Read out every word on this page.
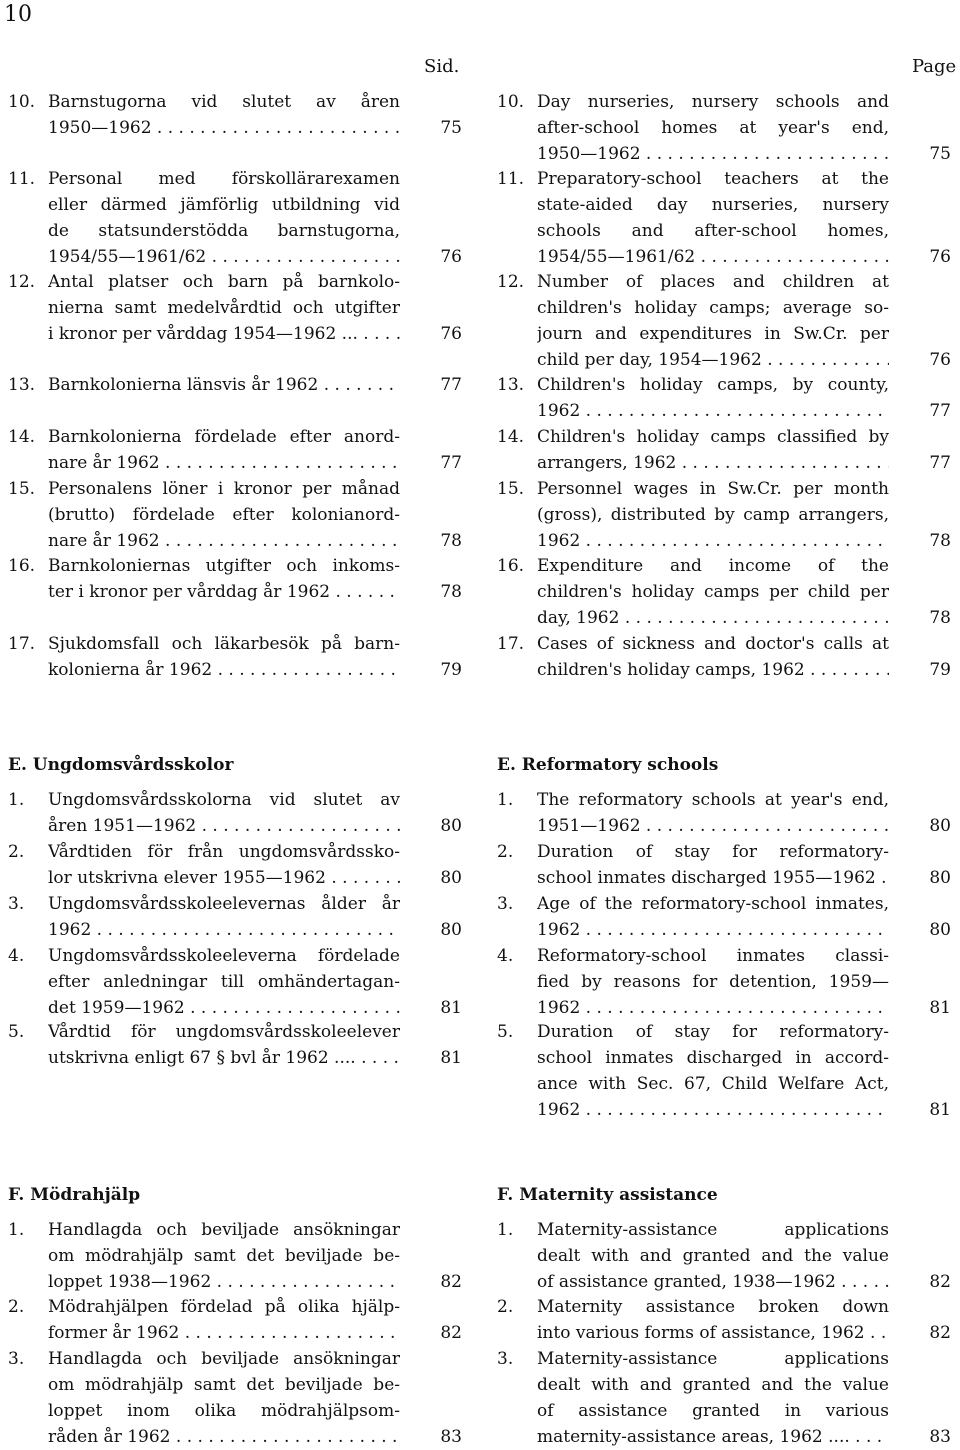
10
Sid.	Page
10. Barnstugorna vid slutet av åren
1950—1962 . . .	75
11. Personal med förskollärarexamen
eller därmed jämförlig utbildning vid
de statsunderstödda barnstugorna,
1954/55—1961/62 . . .	76
12. Antal platser och barn på barnkolo-
nierna samt medelvårdtid och utgifter
i kronor per vårddag 1954—1962 ... . . .	76
13. Barnkolonierna länsvis år 1962 . . .	77
14. Barnkolonierna fördelade efter anord-
nare år 1962 . . .	77
15. Personalens löner i kronor per månad
(brutto) fördelade efter kolonianord-
nare år 1962 . . .	78
16. Barnkoloniernas utgifter och inkoms-
ter i kronor per vårddag år 1962 . . .	78
17. Sjukdomsfall och läkarbesök på barn-
kolonierna år 1962 . . .	79
10. Day nurseries, nursery schools and
after-school homes at year's end,
1950—1962 . . .	75
11. Preparatory-school teachers at the
state-aided day nurseries, nursery
schools and after-school homes,
1954/55—1961/62 . . .	76
12. Number of places and children at
children's holiday camps; average so-
journ and expenditures in Sw.Cr. per
child per day, 1954—1962 . . .	76
13. Children's holiday camps, by county,
1962 . . .	77
14. Children's holiday camps classified by
arrangers, 1962 . . .	77
15. Personnel wages in Sw.Cr. per month
(gross), distributed by camp arrangers,
1962 . . .	78
16. Expenditure and income of the
children's holiday camps per child per
day, 1962 . . .	78
17. Cases of sickness and doctor's calls at
children's holiday camps, 1962 . . .	79
E. Ungdomsvårdsskolor	E. Reformatory schools
1.	Ungdomsvårdsskolorna vid slutet av
åren 1951—1962 . . .	80
2.	Vårdtiden för från ungdomsvårdssko-
lor utskrivna elever 1955—1962 . . .	80
3.	Ungdomsvårdsskoleelevernas ålder år
1962 . . .	80
4.	Ungdomsvårdsskoleeleverna fördelade
efter anledningar till omhändertagan-
det 1959—1962 . . .	81
5.	Vårdtid för ungdomsvårdsskoleelever
utskrivna enligt 67 § bvl år 1962 .... . . .	81
1.	The reformatory schools at year's end,
1951—1962 . . .	80
2.	Duration of stay for reformatory-
school inmates discharged 1955—1962 . . .	80
3.	Age of the reformatory-school inmates,
1962 . . .	80
4.	Reformatory-school inmates classi-
fied by reasons for detention, 1959—
1962 . . .	81
5.	Duration of stay for reformatory-
school inmates discharged in accord-
ance with Sec. 67, Child Welfare Act,
1962 . . .	81
F. Mödrahjälp	F. Maternity assistance
1.	Handlagda och beviljade ansökningar
om mödrahjälp samt det beviljade be-
loppet 1938—1962 . . .	82
2.	Mödrahjälpen fördelad på olika hjälp-
former år 1962 . . .	82
3.	Handlagda och beviljade ansökningar
om mödrahjälp samt det beviljade be-
loppet inom olika mödrahjälpsom-
råden år 1962 . . .	83
1.	Maternity-assistance applications
dealt with and granted and the value
of assistance granted, 1938—1962 . . .	82
2.	Maternity assistance broken down
into various forms of assistance, 1962 . . .	82
3.	Maternity-assistance applications
dealt with and granted and the value
of assistance granted in various
maternity-assistance areas, 1962 .... . . .	83
